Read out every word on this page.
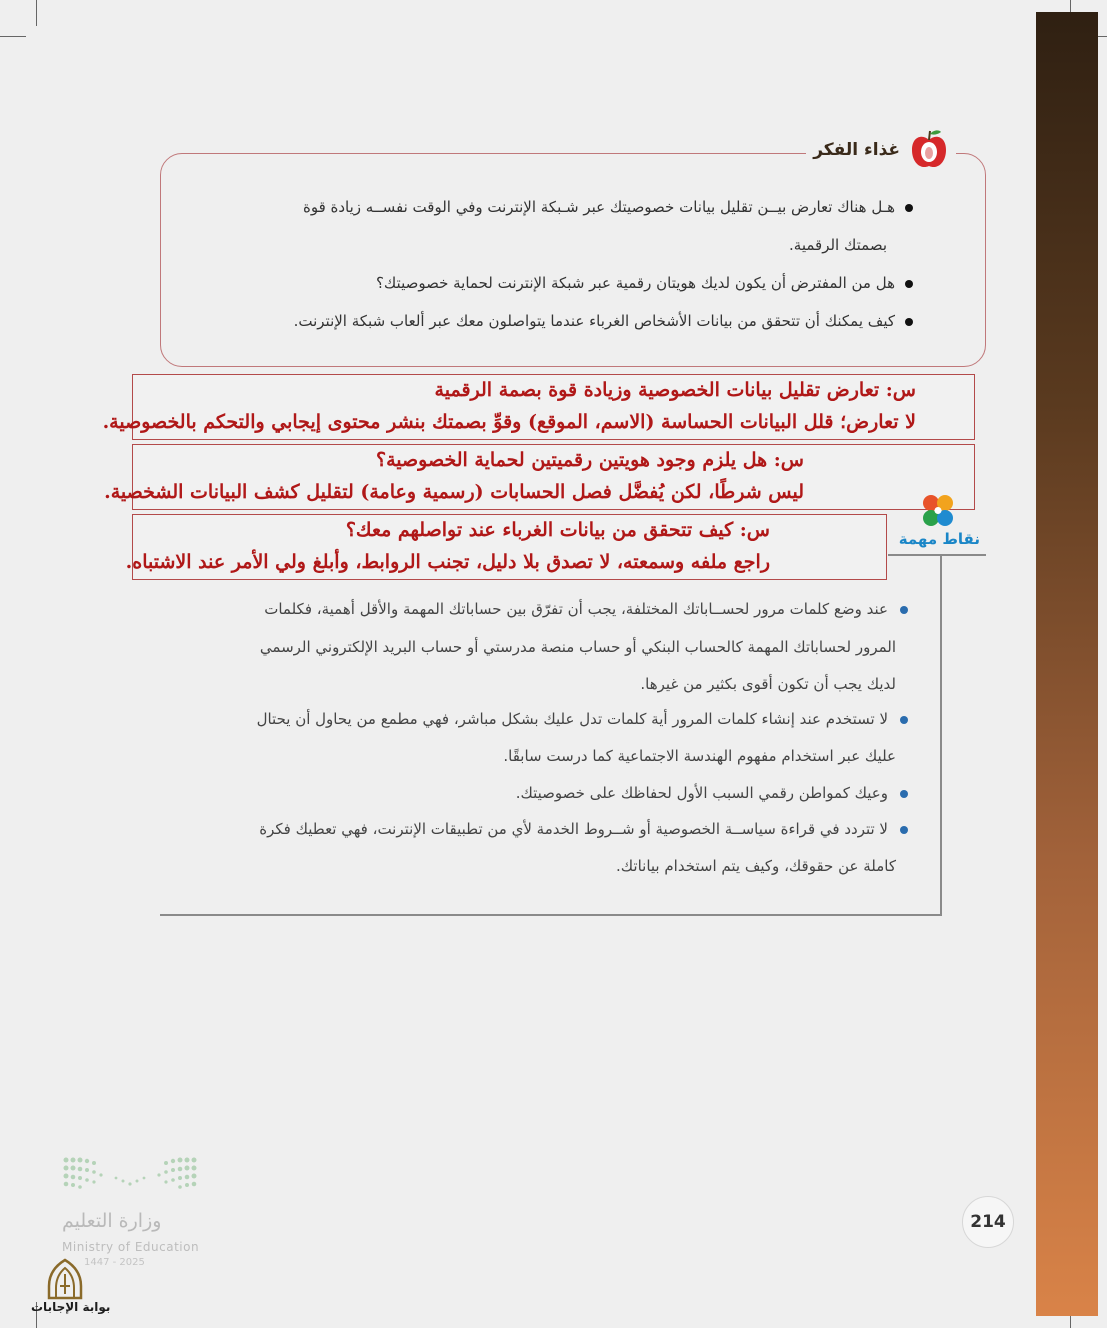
غذاء الفكر
هـل هناك تعارض بيــن تقليل بيانات خصوصيتك عبر شـبكة الإنترنت وفي الوقت نفســه زيادة قوة
بصمتك الرقمية.
هل من المفترض أن يكون لديك هويتان رقمية عبر شبكة الإنترنت لحماية خصوصيتك؟
كيف يمكنك أن تتحقق من بيانات الأشخاص الغرباء عندما يتواصلون معك عبر ألعاب شبكة الإنترنت.
س: تعارض تقليل بيانات الخصوصية وزيادة قوة بصمة الرقمية
لا تعارض؛ قلل البيانات الحساسة (الاسم، الموقع) وقوِّ بصمتك بنشر محتوى إيجابي والتحكم بالخصوصية.
س: هل يلزم وجود هويتين رقميتين لحماية الخصوصية؟
ليس شرطًا، لكن يُفضَّل فصل الحسابات (رسمية وعامة) لتقليل كشف البيانات الشخصية.
س: كيف تتحقق من بيانات الغرباء عند تواصلهم معك؟
راجع ملفه وسمعته، لا تصدق بلا دليل، تجنب الروابط، وأبلغ ولي الأمر عند الاشتباه.
نقاط مهمة
عند وضع كلمات مرور لحســاباتك المختلفة، يجب أن تفرّق بين حساباتك المهمة والأقل أهمية، فكلمات
المرور لحساباتك المهمة كالحساب البنكي أو حساب منصة مدرستي أو حساب البريد الإلكتروني الرسمي
لديك يجب أن تكون أقوى بكثير من غيرها.
لا تستخدم عند إنشاء كلمات المرور أية كلمات تدل عليك بشكل مباشر، فهي مطمع من يحاول أن يحتال
عليك عبر استخدام مفهوم الهندسة الاجتماعية كما درست سابقًا.
وعيك كمواطن رقمي السبب الأول لحفاظك على خصوصيتك.
لا تتردد في قراءة سياســة الخصوصية أو شــروط الخدمة لأي من تطبيقات الإنترنت، فهي تعطيك فكرة
كاملة عن حقوقك، وكيف يتم استخدام بياناتك.
214
وزارة التعليم
Ministry of Education
1447 - 2025
بوابة الإجابات
